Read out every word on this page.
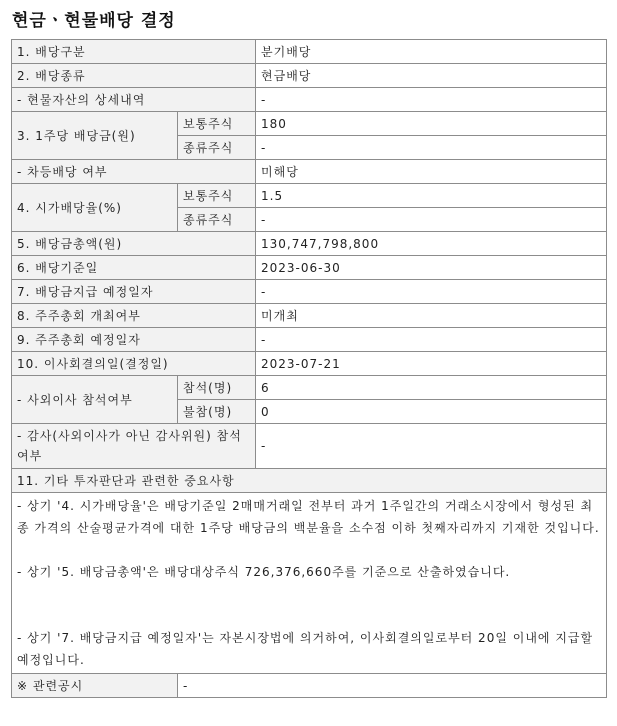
현금ㆍ현물배당 결정
1. 배당구분		분기배당
2. 배당종류		현금배당
- 현물자산의 상세내역		-
3. 1주당 배당금(원)	보통주식	180
	종류주식	-
- 차등배당 여부		미해당
4. 시가배당율(%)	보통주식	1.5
	종류주식	-
5. 배당금총액(원)		130,747,798,800
6. 배당기준일		2023-06-30
7. 배당금지급 예정일자		-
8. 주주총회 개최여부		미개최
9. 주주총회 예정일자		-
10. 이사회결의일(결정일)		2023-07-21
- 사외이사 참석여부	참석(명)	6
	불참(명)	0
- 감사(사외이사가 아닌 감사위원) 참석여부		-
11. 기타 투자판단과 관련한 중요사항		

- 상기 '4. 시가배당율'은 배당기준일 2매매거래일 전부터 과거 1주일간의 거래소시장에서 형성된 최종 가격의 산술평균가격에 대한 1주당 배당금의 백분율을 소수점 이하 첫째자리까지 기재한 것입니다.

- 상기 '5. 배당금총액'은 배당대상주식 726,376,660주를 기준으로 산출하였습니다.

- 상기 '7. 배당금지급 예정일자'는 자본시장법에 의거하여, 이사회결의일로부터 20일 이내에 지급할 예정입니다.		

※ 관련공시	-	
